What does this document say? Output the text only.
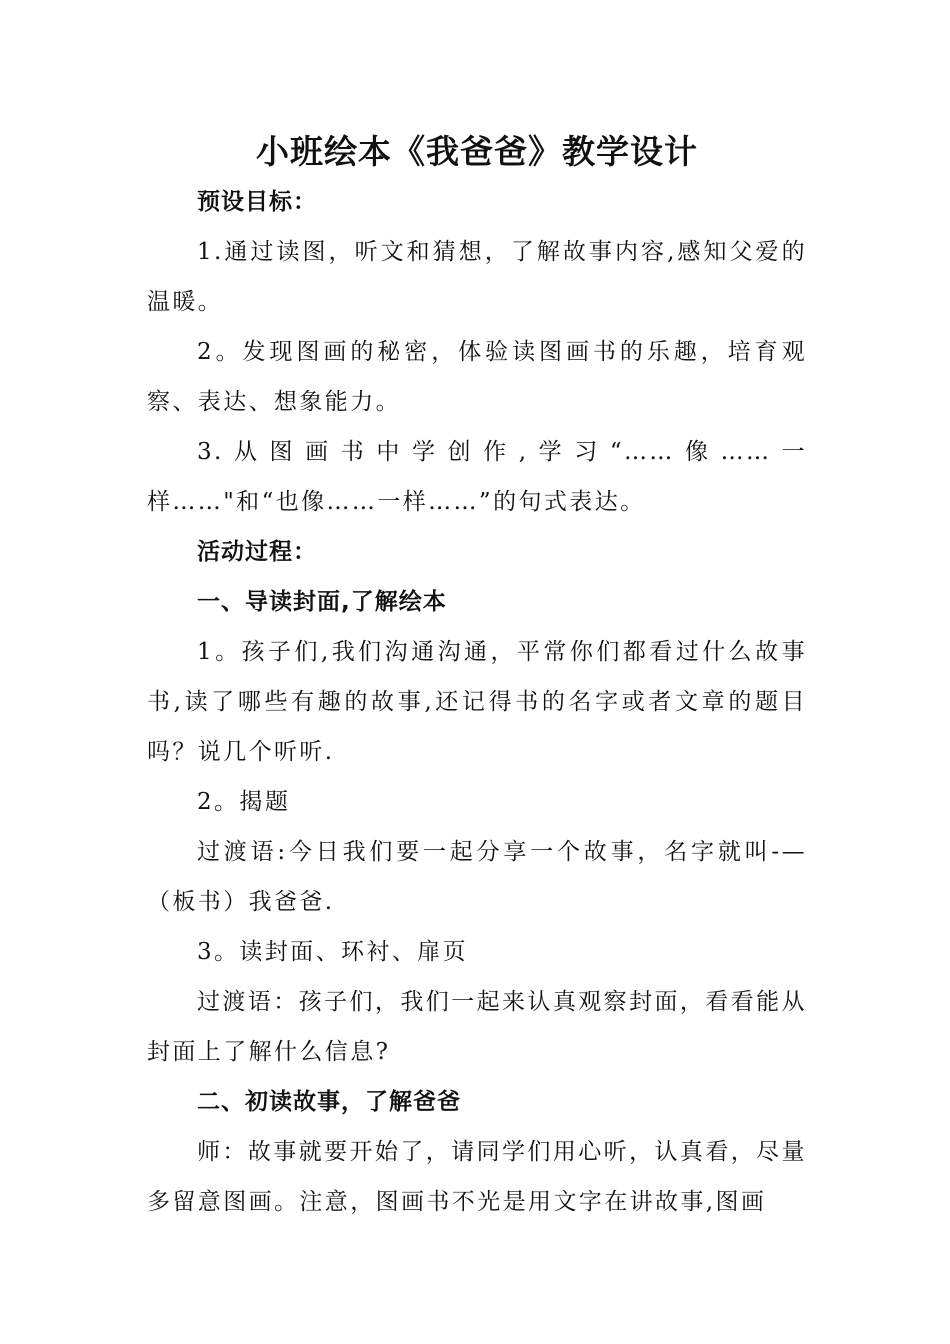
小班绘本《我爸爸》教学设计
预设目标：
1.通过读图，听文和猜想，了解故事内容,感知父爱的温暖。
2。发现图画的秘密，体验读图画书的乐趣，培育观察、表达、想象能力。
3.从图画书中学创作,学习“……像……一样……"和“也像……一样……”的句式表达。
活动过程：
一、导读封面,了解绘本
1。孩子们,我们沟通沟通，平常你们都看过什么故事书,读了哪些有趣的故事,还记得书的名字或者文章的题目吗？说几个听听.
2。揭题
过渡语:今日我们要一起分享一个故事，名字就叫-—（板书）我爸爸.
3。读封面、环衬、扉页
过渡语：孩子们，我们一起来认真观察封面，看看能从封面上了解什么信息?
二、初读故事，了解爸爸
师：故事就要开始了，请同学们用心听，认真看，尽量多留意图画。注意，图画书不光是用文字在讲故事,图画
